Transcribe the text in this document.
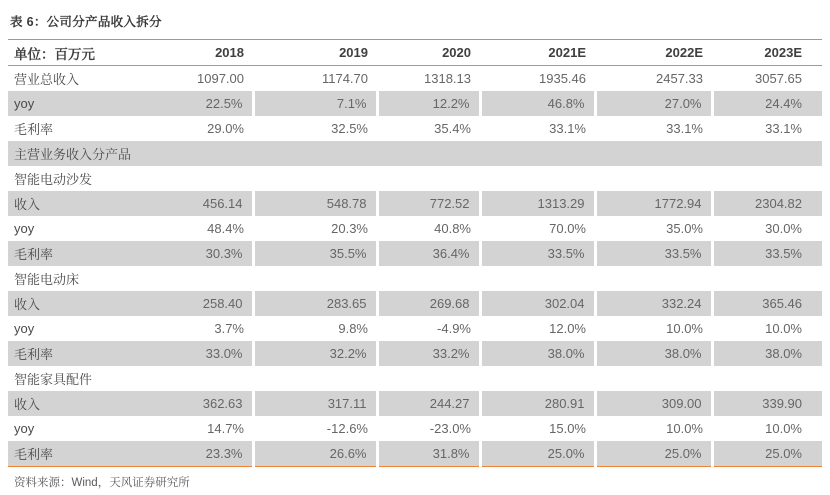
表 6：公司分产品收入拆分
单位：百万元	2018	2019	2020	2021E	2022E	2023E
营业总收入	1097.00	1174.70	1318.13	1935.46	2457.33	3057.65
yoy	22.5%	7.1%	12.2%	46.8%	27.0%	24.4%
毛利率	29.0%	32.5%	35.4%	33.1%	33.1%	33.1%
主营业务收入分产品						
智能电动沙发						
收入	456.14	548.78	772.52	1313.29	1772.94	2304.82
yoy	48.4%	20.3%	40.8%	70.0%	35.0%	30.0%
毛利率	30.3%	35.5%	36.4%	33.5%	33.5%	33.5%
智能电动床						
收入	258.40	283.65	269.68	302.04	332.24	365.46
yoy	3.7%	9.8%	-4.9%	12.0%	10.0%	10.0%
毛利率	33.0%	32.2%	33.2%	38.0%	38.0%	38.0%
智能家具配件						
收入	362.63	317.11	244.27	280.91	309.00	339.90
yoy	14.7%	-12.6%	-23.0%	15.0%	10.0%	10.0%
毛利率	23.3%	26.6%	31.8%	25.0%	25.0%	25.0%
资料来源：Wind，天风证券研究所
